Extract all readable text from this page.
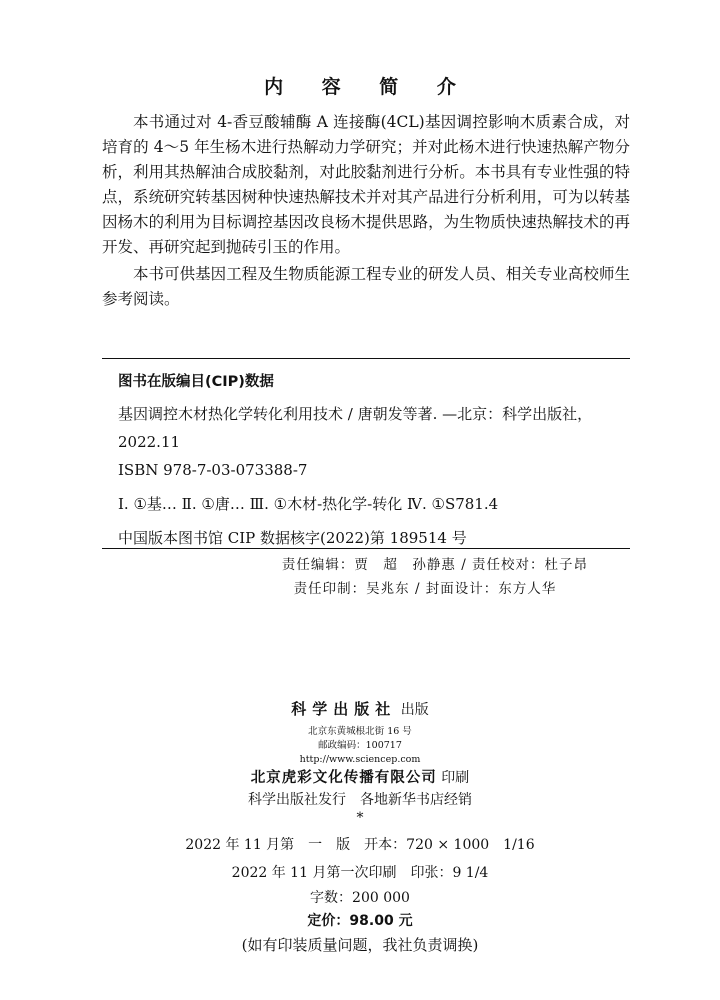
内 容 简 介

本书通过对 4-香豆酸辅酶 A 连接酶(4CL)基因调控影响木质素合成，对培育的 4～5 年生杨木进行热解动力学研究；并对此杨木进行快速热解产物分析，利用其热解油合成胶黏剂，对此胶黏剂进行分析。本书具有专业性强的特点，系统研究转基因树种快速热解技术并对其产品进行分析利用，可为以转基因杨木的利用为目标调控基因改良杨木提供思路，为生物质快速热解技术的再开发、再研究起到抛砖引玉的作用。

本书可供基因工程及生物质能源工程专业的研发人员、相关专业高校师生参考阅读。

图书在版编目(CIP)数据
基因调控木材热化学转化利用技术 / 唐朝发等著. —北京：科学出版社，
2022.11
ISBN 978-7-03-073388-7
Ⅰ. ①基… Ⅱ. ①唐… Ⅲ. ①木材-热化学-转化 Ⅳ. ①S781.4
中国版本图书馆 CIP 数据核字(2022)第 189514 号
责任编辑：贾　超　孙静惠 / 责任校对：杜子昂
责任印制：吴兆东 / 封面设计：东方人华
科学出版社 出版
北京东黄城根北街 16 号
邮政编码：100717
http://www.sciencep.com
北京虎彩文化传播有限公司 印刷
科学出版社发行　各地新华书店经销
*
2022 年 11 月第　一　版　开本：720 × 1000　1/16
2022 年 11 月第一次印刷　印张：9 1/4
字数：200 000
定价：98.00 元
(如有印装质量问题，我社负责调换)
